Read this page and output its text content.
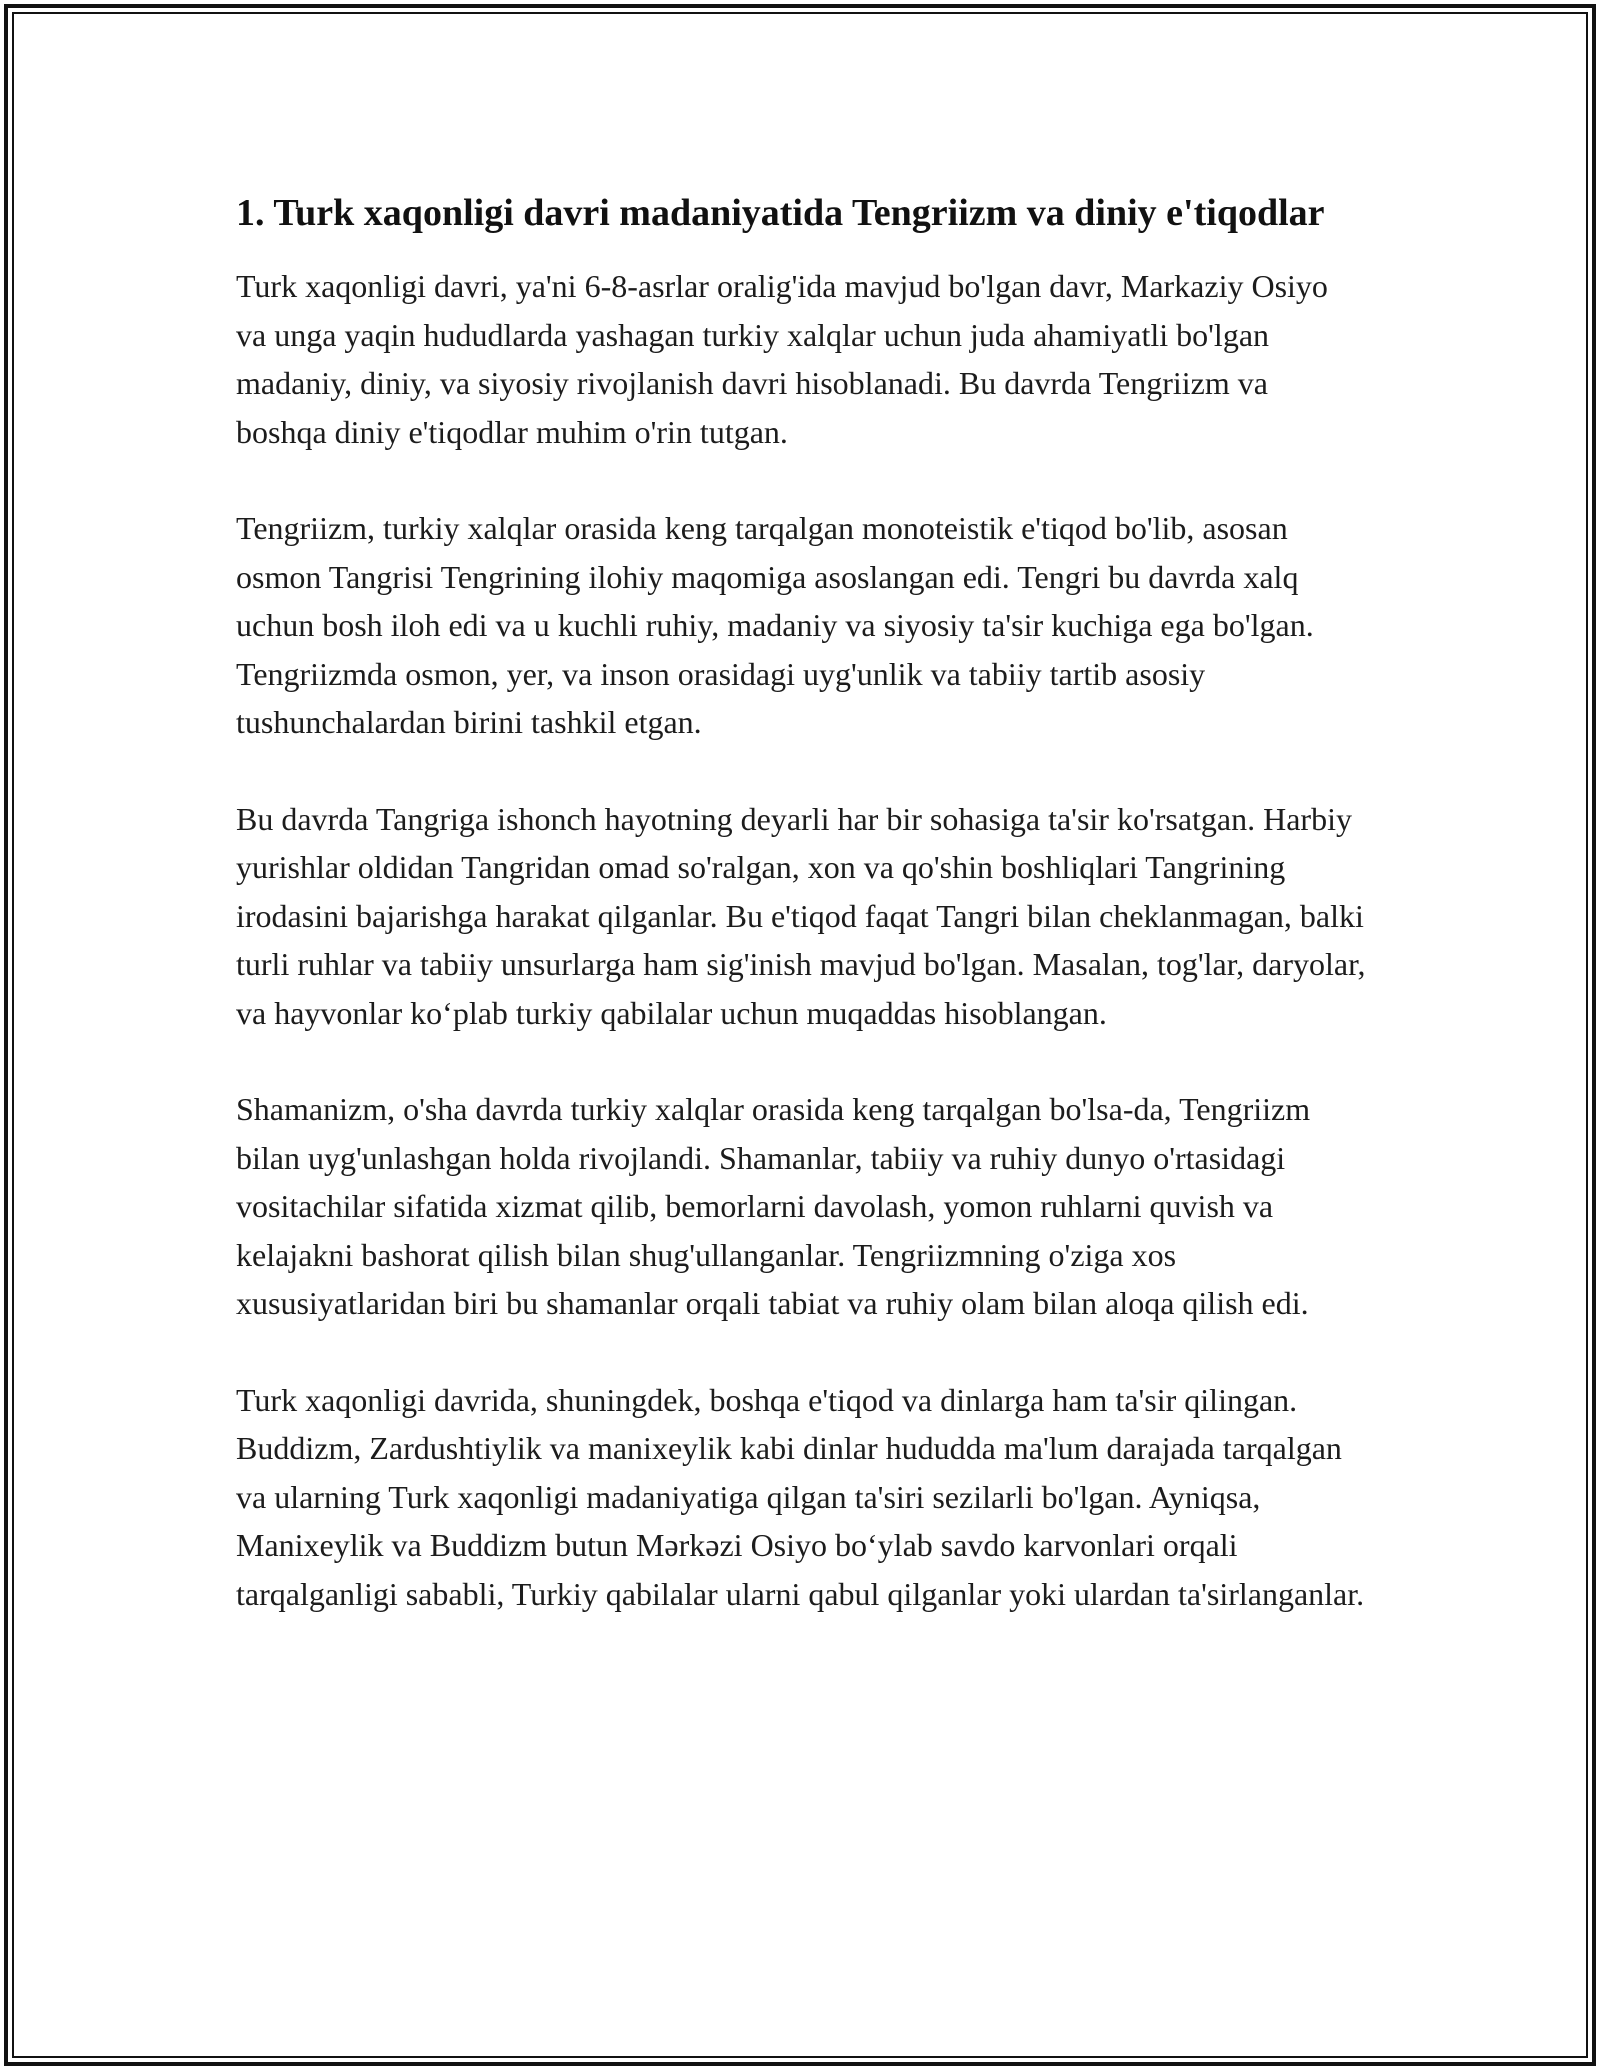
1. Turk xaqonligi davri madaniyatida Tengriizm va diniy e'tiqodlar

Turk xaqonligi davri, ya'ni 6-8-asrlar oralig'ida mavjud bo'lgan davr, Markaziy Osiyo va unga yaqin hududlarda yashagan turkiy xalqlar uchun juda ahamiyatli bo'lgan madaniy, diniy, va siyosiy rivojlanish davri hisoblanadi. Bu davrda Tengriizm va boshqa diniy e'tiqodlar muhim o'rin tutgan.

Tengriizm, turkiy xalqlar orasida keng tarqalgan monoteistik e'tiqod bo'lib, asosan osmon Tangrisi Tengrining ilohiy maqomiga asoslangan edi. Tengri bu davrda xalq uchun bosh iloh edi va u kuchli ruhiy, madaniy va siyosiy ta'sir kuchiga ega bo'lgan. Tengriizmda osmon, yer, va inson orasidagi uyg'unlik va tabiiy tartib asosiy tushunchalardan birini tashkil etgan.

Bu davrda Tangriga ishonch hayotning deyarli har bir sohasiga ta'sir ko'rsatgan. Harbiy yurishlar oldidan Tangridan omad so'ralgan, xon va qo'shin boshliqlari Tangrining irodasini bajarishga harakat qilganlar. Bu e'tiqod faqat Tangri bilan cheklanmagan, balki turli ruhlar va tabiiy unsurlarga ham sig'inish mavjud bo'lgan. Masalan, tog'lar, daryolar, va hayvonlar ko‘plab turkiy qabilalar uchun muqaddas hisoblangan.

Shamanizm, o'sha davrda turkiy xalqlar orasida keng tarqalgan bo'lsa-da, Tengriizm bilan uyg'unlashgan holda rivojlandi. Shamanlar, tabiiy va ruhiy dunyo o'rtasidagi vositachilar sifatida xizmat qilib, bemorlarni davolash, yomon ruhlarni quvish va kelajakni bashorat qilish bilan shug'ullanganlar. Tengriizmning o'ziga xos xususiyatlaridan biri bu shamanlar orqali tabiat va ruhiy olam bilan aloqa qilish edi.

Turk xaqonligi davrida, shuningdek, boshqa e'tiqod va dinlarga ham ta'sir qilingan. Buddizm, Zardushtiylik va manixeylik kabi dinlar hududda ma'lum darajada tarqalgan va ularning Turk xaqonligi madaniyatiga qilgan ta'siri sezilarli bo'lgan. Ayniqsa, Manixeylik va Buddizm butun Mərkəzi Osiyo bo‘ylab savdo karvonlari orqali tarqalganligi sababli, Turkiy qabilalar ularni qabul qilganlar yoki ulardan ta'sirlanganlar.
